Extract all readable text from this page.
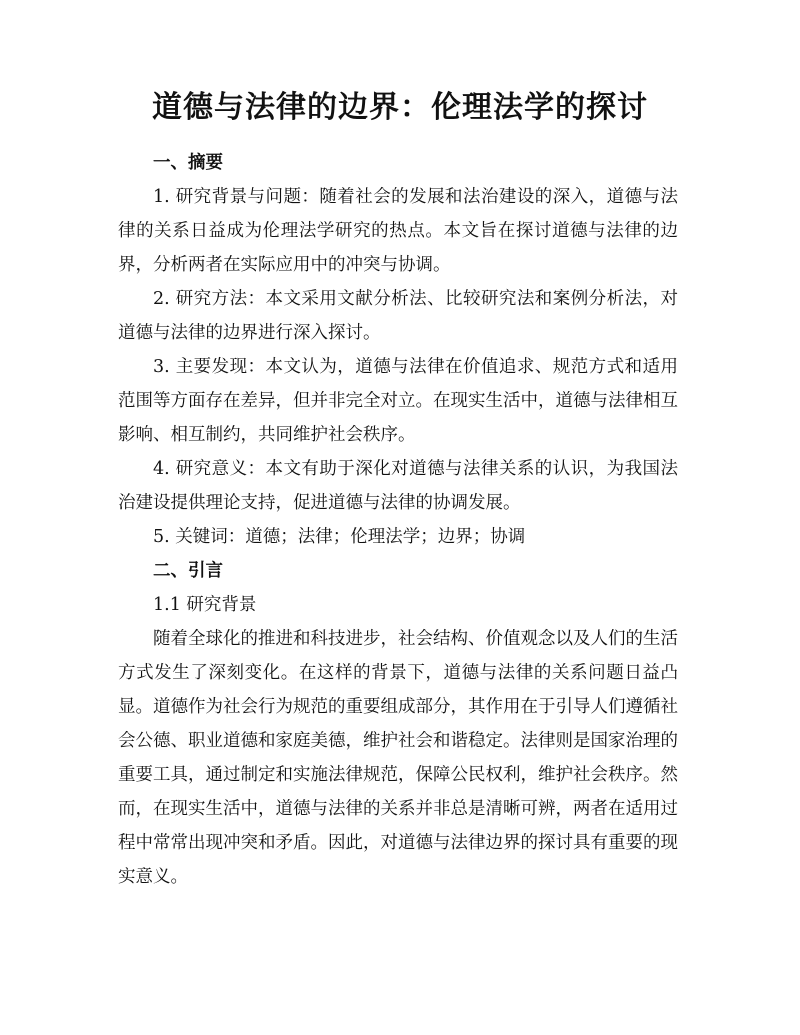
道德与法律的边界：伦理法学的探讨

一、摘要

1. 研究背景与问题：随着社会的发展和法治建设的深入，道德与法律的关系日益成为伦理法学研究的热点。本文旨在探讨道德与法律的边界，分析两者在实际应用中的冲突与协调。

2. 研究方法：本文采用文献分析法、比较研究法和案例分析法，对道德与法律的边界进行深入探讨。

3. 主要发现：本文认为，道德与法律在价值追求、规范方式和适用范围等方面存在差异，但并非完全对立。在现实生活中，道德与法律相互影响、相互制约，共同维护社会秩序。

4. 研究意义：本文有助于深化对道德与法律关系的认识，为我国法治建设提供理论支持，促进道德与法律的协调发展。

5. 关键词：道德；法律；伦理法学；边界；协调

二、引言

1.1 研究背景

随着全球化的推进和科技进步，社会结构、价值观念以及人们的生活方式发生了深刻变化。在这样的背景下，道德与法律的关系问题日益凸显。道德作为社会行为规范的重要组成部分，其作用在于引导人们遵循社会公德、职业道德和家庭美德，维护社会和谐稳定。法律则是国家治理的重要工具，通过制定和实施法律规范，保障公民权利，维护社会秩序。然而，在现实生活中，道德与法律的关系并非总是清晰可辨，两者在适用过程中常常出现冲突和矛盾。因此，对道德与法律边界的探讨具有重要的现实意义。
